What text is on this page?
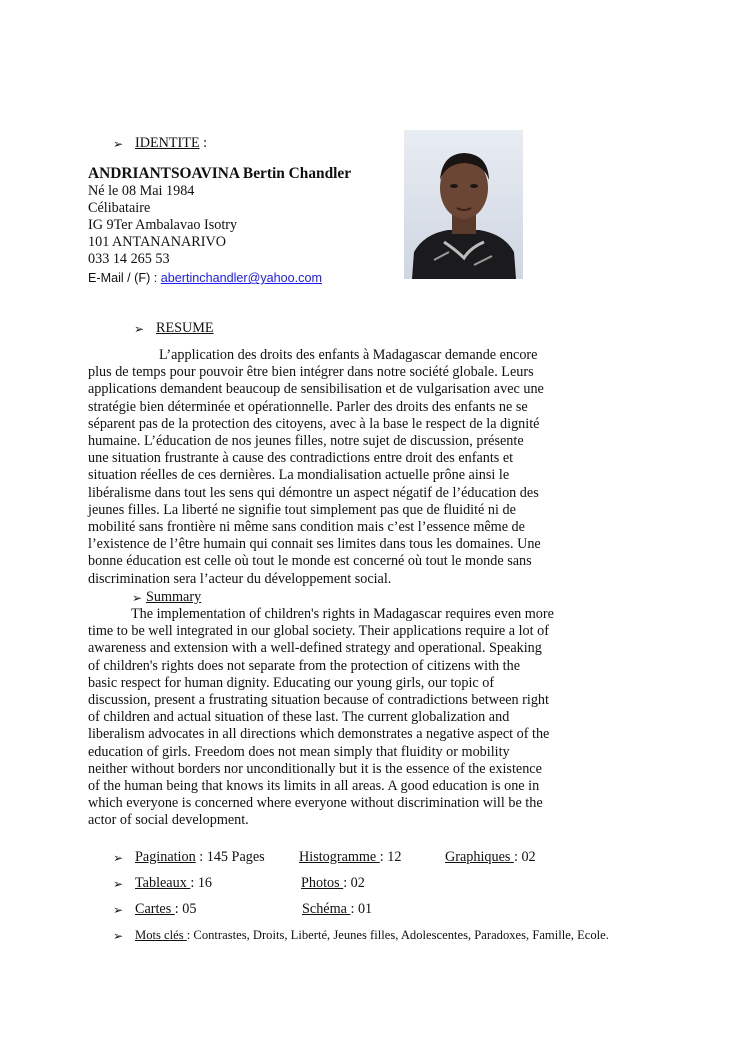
➢ IDENTITE :
ANDRIANTSOAVINA Bertin Chandler
Né le 08 Mai 1984
Célibataire
IG 9Ter Ambalavao Isotry
101 ANTANANARIVO
033 14 265 53
E-Mail / (F) : abertinchandler@yahoo.com
➢ RESUME

L’application des droits des enfants à Madagascar demande encore

plus de temps pour pouvoir être bien intégrer dans notre société globale. Leurs

applications demandent beaucoup de sensibilisation et de vulgarisation avec une

stratégie bien déterminée et opérationnelle. Parler des droits des enfants ne se

séparent pas de la protection des citoyens, avec à la base le respect de la dignité

humaine. L’éducation de nos jeunes filles, notre sujet de discussion, présente

une situation frustrante à cause des contradictions entre droit des enfants et

situation réelles de ces dernières. La mondialisation actuelle prône ainsi le

libéralisme dans tout les sens qui démontre un aspect négatif de l’éducation des

jeunes filles. La liberté ne signifie tout simplement pas que de fluidité ni de

mobilité sans frontière ni même sans condition mais c’est l’essence même de

l’existence de l’être humain qui connait ses limites dans tous les domaines. Une

bonne éducation est celle où tout le monde est concerné où tout le monde sans

discrimination sera l’acteur du développement social.

➢ Summary

The implementation of children's rights in Madagascar requires even more

time to be well integrated in our global society. Their applications require a lot of

awareness and extension with a well-defined strategy and operational. Speaking

of children's rights does not separate from the protection of citizens with the

basic respect for human dignity. Educating our young girls, our topic of

discussion, present a frustrating situation because of contradictions between right

of children and actual situation of these last. The current globalization and

liberalism advocates in all directions which demonstrates a negative aspect of the

education of girls. Freedom does not mean simply that fluidity or mobility

neither without borders nor unconditionally but it is the essence of the existence

of the human being that knows its limits in all areas. A good education is one in

which everyone is concerned where everyone without discrimination will be the

actor of social development.

➢ Pagination : 145 Pages Histogramme : 12	Graphiques : 02
➢ Tableaux : 16	Photos : 02
➢ Cartes : 05	Schéma : 01
➢ Mots clés : Contrastes, Droits, Liberté, Jeunes filles, Adolescentes, Paradoxes, Famille, Ecole.
